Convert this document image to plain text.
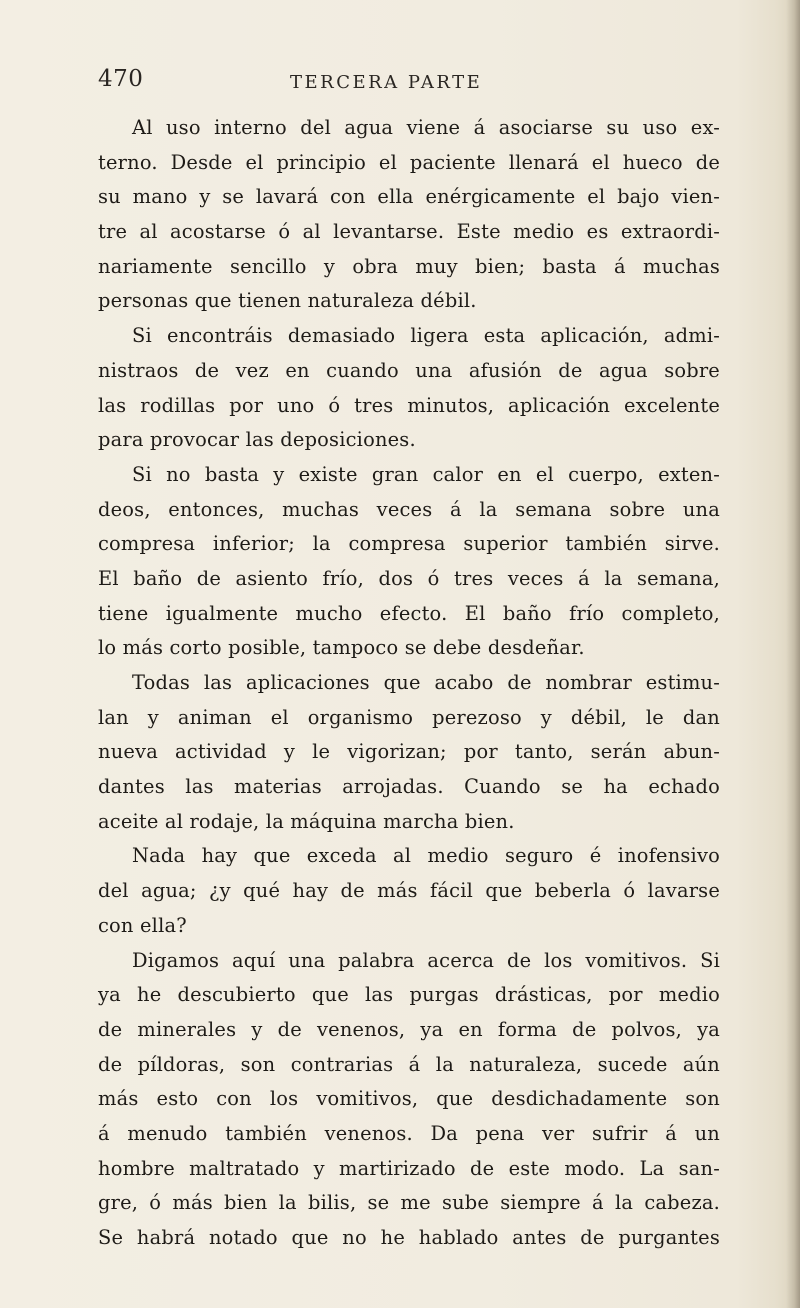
470	TERCERA PARTE
Al uso interno del agua viene á asociarse su uso ex-
terno. Desde el principio el paciente llenará el hueco de
su mano y se lavará con ella enérgicamente el bajo vien-
tre al acostarse ó al levantarse. Este medio es extraordi-
nariamente sencillo y obra muy bien; basta á muchas
personas que tienen naturaleza débil.
Si encontráis demasiado ligera esta aplicación, admi-
nistraos de vez en cuando una afusión de agua sobre
las rodillas por uno ó tres minutos, aplicación excelente
para provocar las deposiciones.
Si no basta y existe gran calor en el cuerpo, exten-
deos, entonces, muchas veces á la semana sobre una
compresa inferior; la compresa superior también sirve.
El baño de asiento frío, dos ó tres veces á la semana,
tiene igualmente mucho efecto. El baño frío completo,
lo más corto posible, tampoco se debe desdeñar.
Todas las aplicaciones que acabo de nombrar estimu-
lan y animan el organismo perezoso y débil, le dan
nueva actividad y le vigorizan; por tanto, serán abun-
dantes las materias arrojadas. Cuando se ha echado
aceite al rodaje, la máquina marcha bien.
Nada hay que exceda al medio seguro é inofensivo
del agua; ¿y qué hay de más fácil que beberla ó lavarse
con ella?
Digamos aquí una palabra acerca de los vomitivos. Si
ya he descubierto que las purgas drásticas, por medio
de minerales y de venenos, ya en forma de polvos, ya
de píldoras, son contrarias á la naturaleza, sucede aún
más esto con los vomitivos, que desdichadamente son
á menudo también venenos. Da pena ver sufrir á un
hombre maltratado y martirizado de este modo. La san-
gre, ó más bien la bilis, se me sube siempre á la cabeza.
Se habrá notado que no he hablado antes de purgantes
